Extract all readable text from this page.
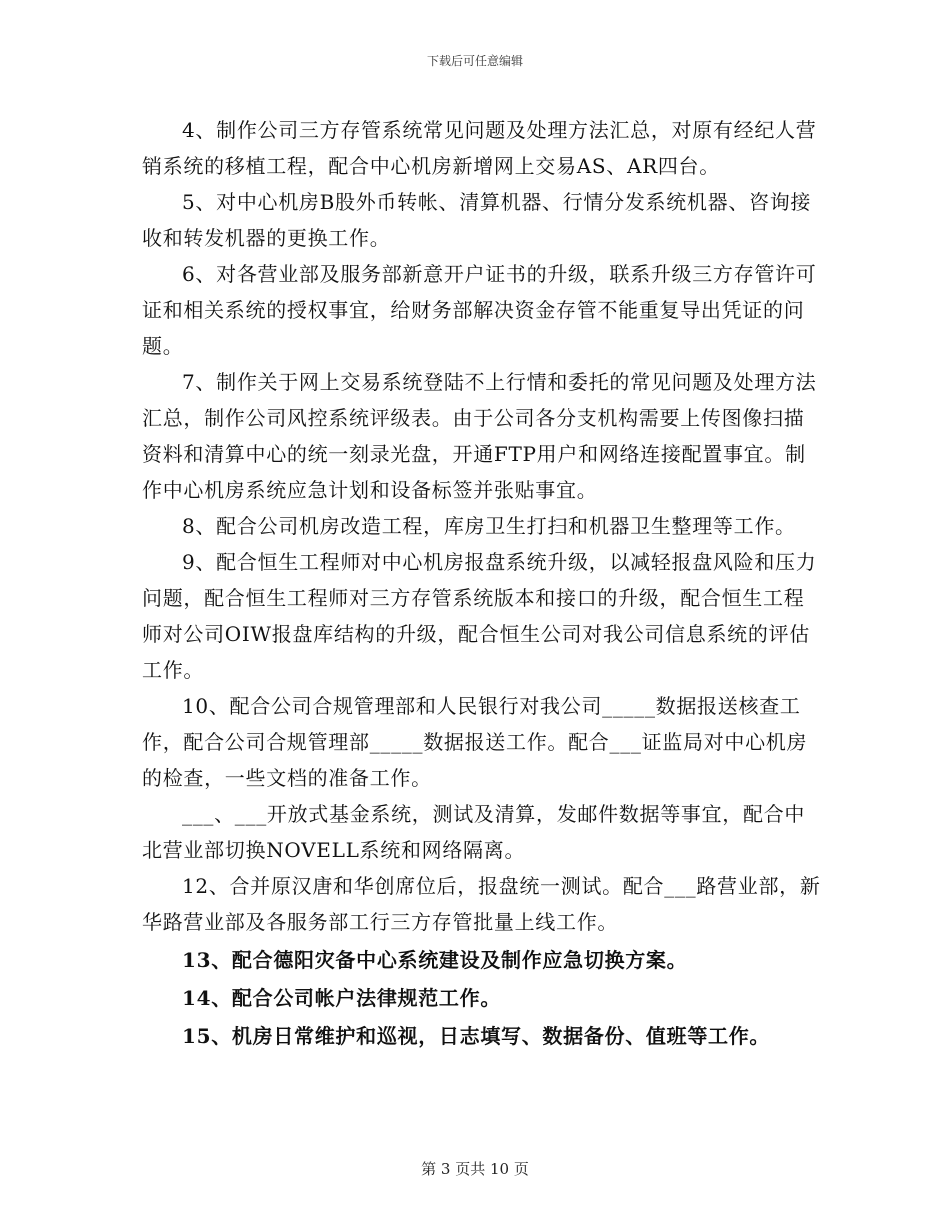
下载后可任意编辑

4、制作公司三方存管系统常见问题及处理方法汇总，对原有经纪人营销系统的移植工程，配合中心机房新增网上交易AS、AR四台。

5、对中心机房B股外币转帐、清算机器、行情分发系统机器、咨询接收和转发机器的更换工作。

6、对各营业部及服务部新意开户证书的升级，联系升级三方存管许可证和相关系统的授权事宜，给财务部解决资金存管不能重复导出凭证的问题。

7、制作关于网上交易系统登陆不上行情和委托的常见问题及处理方法汇总，制作公司风控系统评级表。由于公司各分支机构需要上传图像扫描资料和清算中心的统一刻录光盘，开通FTP用户和网络连接配置事宜。制作中心机房系统应急计划和设备标签并张贴事宜。

8、配合公司机房改造工程，库房卫生打扫和机器卫生整理等工作。

9、配合恒生工程师对中心机房报盘系统升级，以减轻报盘风险和压力问题，配合恒生工程师对三方存管系统版本和接口的升级，配合恒生工程师对公司OIW报盘库结构的升级，配合恒生公司对我公司信息系统的评估工作。

10、配合公司合规管理部和人民银行对我公司_____数据报送核查工作，配合公司合规管理部_____数据报送工作。配合___证监局对中心机房的检查，一些文档的准备工作。

___、___开放式基金系统，测试及清算，发邮件数据等事宜，配合中北营业部切换NOVELL系统和网络隔离。

12、合并原汉唐和华创席位后，报盘统一测试。配合___路营业部，新华路营业部及各服务部工行三方存管批量上线工作。

13、配合德阳灾备中心系统建设及制作应急切换方案。

14、配合公司帐户法律规范工作。

15、机房日常维护和巡视，日志填写、数据备份、值班等工作。

第 3 页共 10 页
